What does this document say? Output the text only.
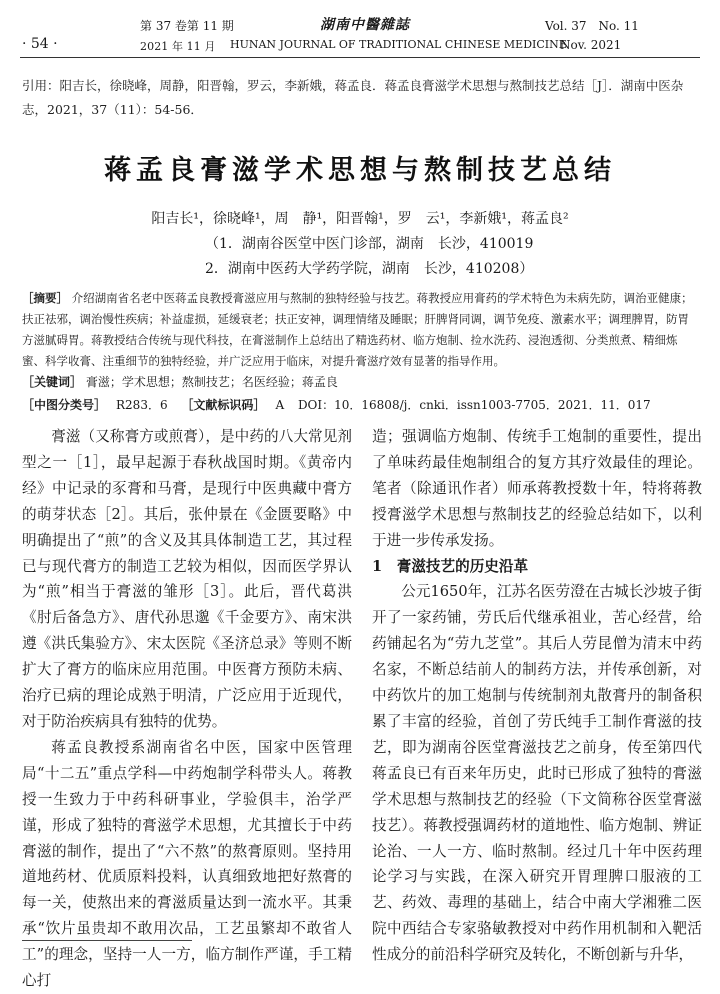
· 54 ·
第 37 卷第 11 期
2021 年 11 月
湖南中醫雜誌
HUNAN JOURNAL OF TRADITIONAL CHINESE MEDICINE
Vol. 37　No. 11
Nov. 2021
引用：阳吉长，徐晓峰，周静，阳晋翰，罗云，李新娥，蒋孟良．蒋孟良膏滋学术思想与熬制技艺总结［J］．湖南中医杂志，2021，37（11）：54-56．
蒋孟良膏滋学术思想与熬制技艺总结
阳吉长¹，徐晓峰¹，周　静¹，阳晋翰¹，罗　云¹，李新娥¹，蒋孟良²
（1．湖南谷医堂中医门诊部，湖南　长沙，410019
2．湖南中医药大学药学院，湖南　长沙，410208）
［摘要］ 介绍湖南省名老中医蒋孟良教授膏滋应用与熬制的独特经验与技艺。蒋教授应用膏药的学术特色为未病先防，调治亚健康；扶正祛邪，调治慢性疾病；补益虚损，延缓衰老；扶正安神，调理情绪及睡眠；肝脾肾同调，调节免疫、激素水平；调理脾胃，防胃方滋腻碍胃。蒋教授结合传统与现代科技，在膏滋制作上总结出了精选药材、临方炮制、捡水洗药、浸泡透彻、分类煎煮、精细炼蜜、科学收膏、注重细节的独特经验，并广泛应用于临床，对提升膏滋疗效有显著的指导作用。
［关键词］ 膏滋；学术思想；熬制技艺；名医经验；蒋孟良
［中图分类号］ R283．6 ［文献标识码］ A DOI：10．16808/j．cnki．issn1003-7705．2021．11．017

膏滋（又称膏方或煎膏），是中药的八大常见剂型之一［1］，最早起源于春秋战国时期。《黄帝内经》中记录的豕膏和马膏，是现行中医典藏中膏方的萌芽状态［2］。其后，张仲景在《金匮要略》中明确提出了“煎”的含义及其具体制造工艺，其过程已与现代膏方的制造工艺较为相似，因而医学界认为“煎”相当于膏滋的雏形［3］。此后，晋代葛洪《肘后备急方》、唐代孙思邈《千金要方》、南宋洪遵《洪氏集验方》、宋太医院《圣济总录》等则不断扩大了膏方的临床应用范围。中医膏方预防未病、治疗已病的理论成熟于明清，广泛应用于近现代，对于防治疾病具有独特的优势。

蒋孟良教授系湖南省名中医，国家中医管理局“十二五”重点学科—中药炮制学科带头人。蒋教授一生致力于中药科研事业，学验俱丰，治学严谨，形成了独特的膏滋学术思想，尤其擅长于中药膏滋的制作，提出了“六不熬”的熬膏原则。坚持用道地药材、优质原料投料，认真细致地把好熬膏的每一关，使熬出来的膏滋质量达到一流水平。其秉承“饮片虽贵却不敢用次品，工艺虽繁却不敢省人工”的理念，坚持一人一方，临方制作严谨，手工精心打

造；强调临方炮制、传统手工炮制的重要性，提出了单味药最佳炮制组合的复方其疗效最佳的理论。笔者（除通讯作者）师承蒋教授数十年，特将蒋教授膏滋学术思想与熬制技艺的经验总结如下，以利于进一步传承发扬。

1　膏滋技艺的历史沿革

公元1650年，江苏名医劳澄在古城长沙坡子街开了一家药铺，劳氏后代继承祖业，苦心经营，给药铺起名为“劳九芝堂”。其后人劳昆僧为清末中药名家，不断总结前人的制药方法，并传承创新，对中药饮片的加工炮制与传统制剂丸散膏丹的制备积累了丰富的经验，首创了劳氏纯手工制作膏滋的技艺，即为湖南谷医堂膏滋技艺之前身，传至第四代蒋孟良已有百来年历史，此时已形成了独特的膏滋学术思想与熬制技艺的经验（下文简称谷医堂膏滋技艺）。蒋教授强调药材的道地性、临方炮制、辨证论治、一人一方、临时熬制。经过几十年中医药理论学习与实践，在深入研究开胃理脾口服液的工艺、药效、毒理的基础上，结合中南大学湘雅二医院中西结合专家骆敏教授对中药作用机制和入靶活性成分的前沿科学研究及转化，不断创新与升华，
